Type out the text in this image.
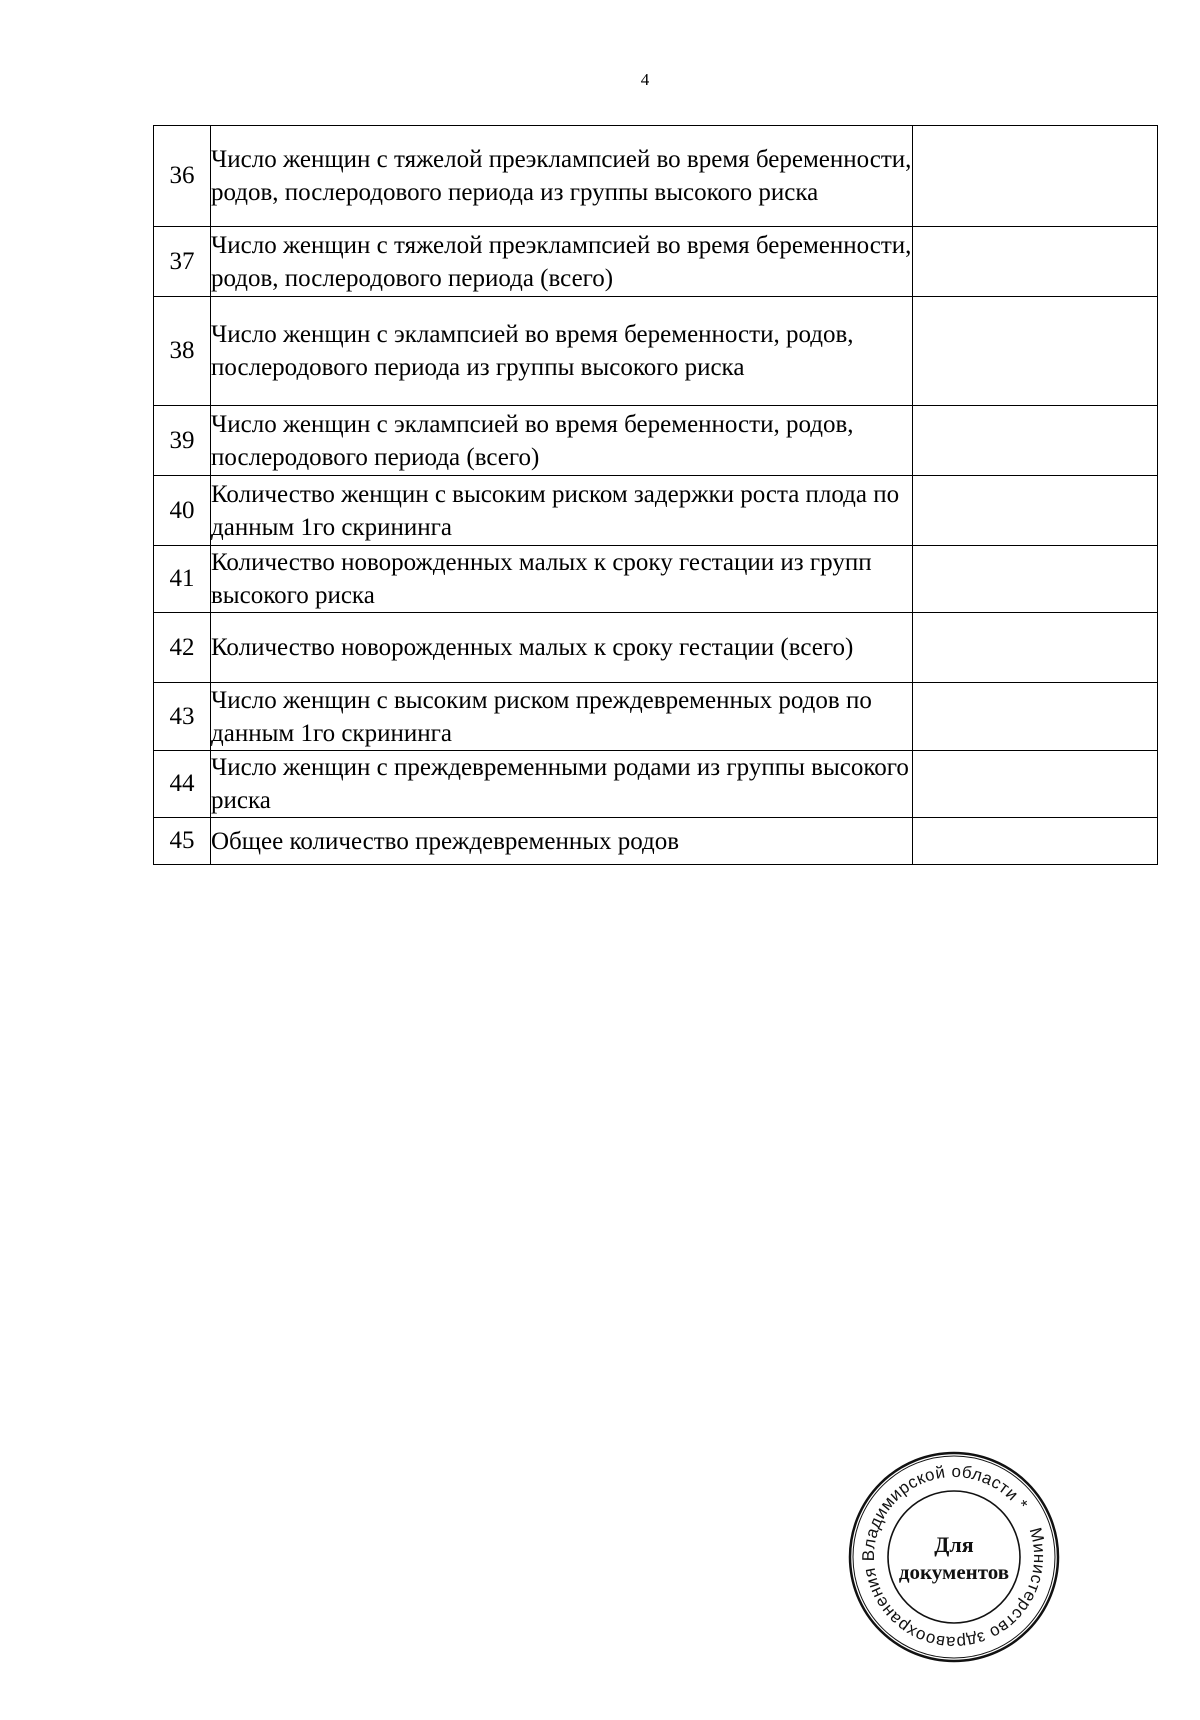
4
36	Число женщин с тяжелой преэклампсией во время беременности, родов, послеродового периода из группы высокого риска	
37	Число женщин с тяжелой преэклампсией во время беременности, родов, послеродового периода (всего)	
38	Число женщин с эклампсией во время беременности, родов, послеродового периода из группы высокого риска	
39	Число женщин с эклампсией во время беременности, родов, послеродового периода (всего)	
40	Количество женщин с высоким риском задержки роста плода по данным 1го скрининга	
41	Количество новорожденных малых к сроку гестации из групп высокого риска	
42	Количество новорожденных малых к сроку гестации (всего)	
43	Число женщин с высоким риском преждевременных родов по данным 1го скрининга	
44	Число женщин с преждевременными родами из группы высокого риска	
45	Общее количество преждевременных родов	
Министерство здравоохранения Владимирской области *
Для
документов
